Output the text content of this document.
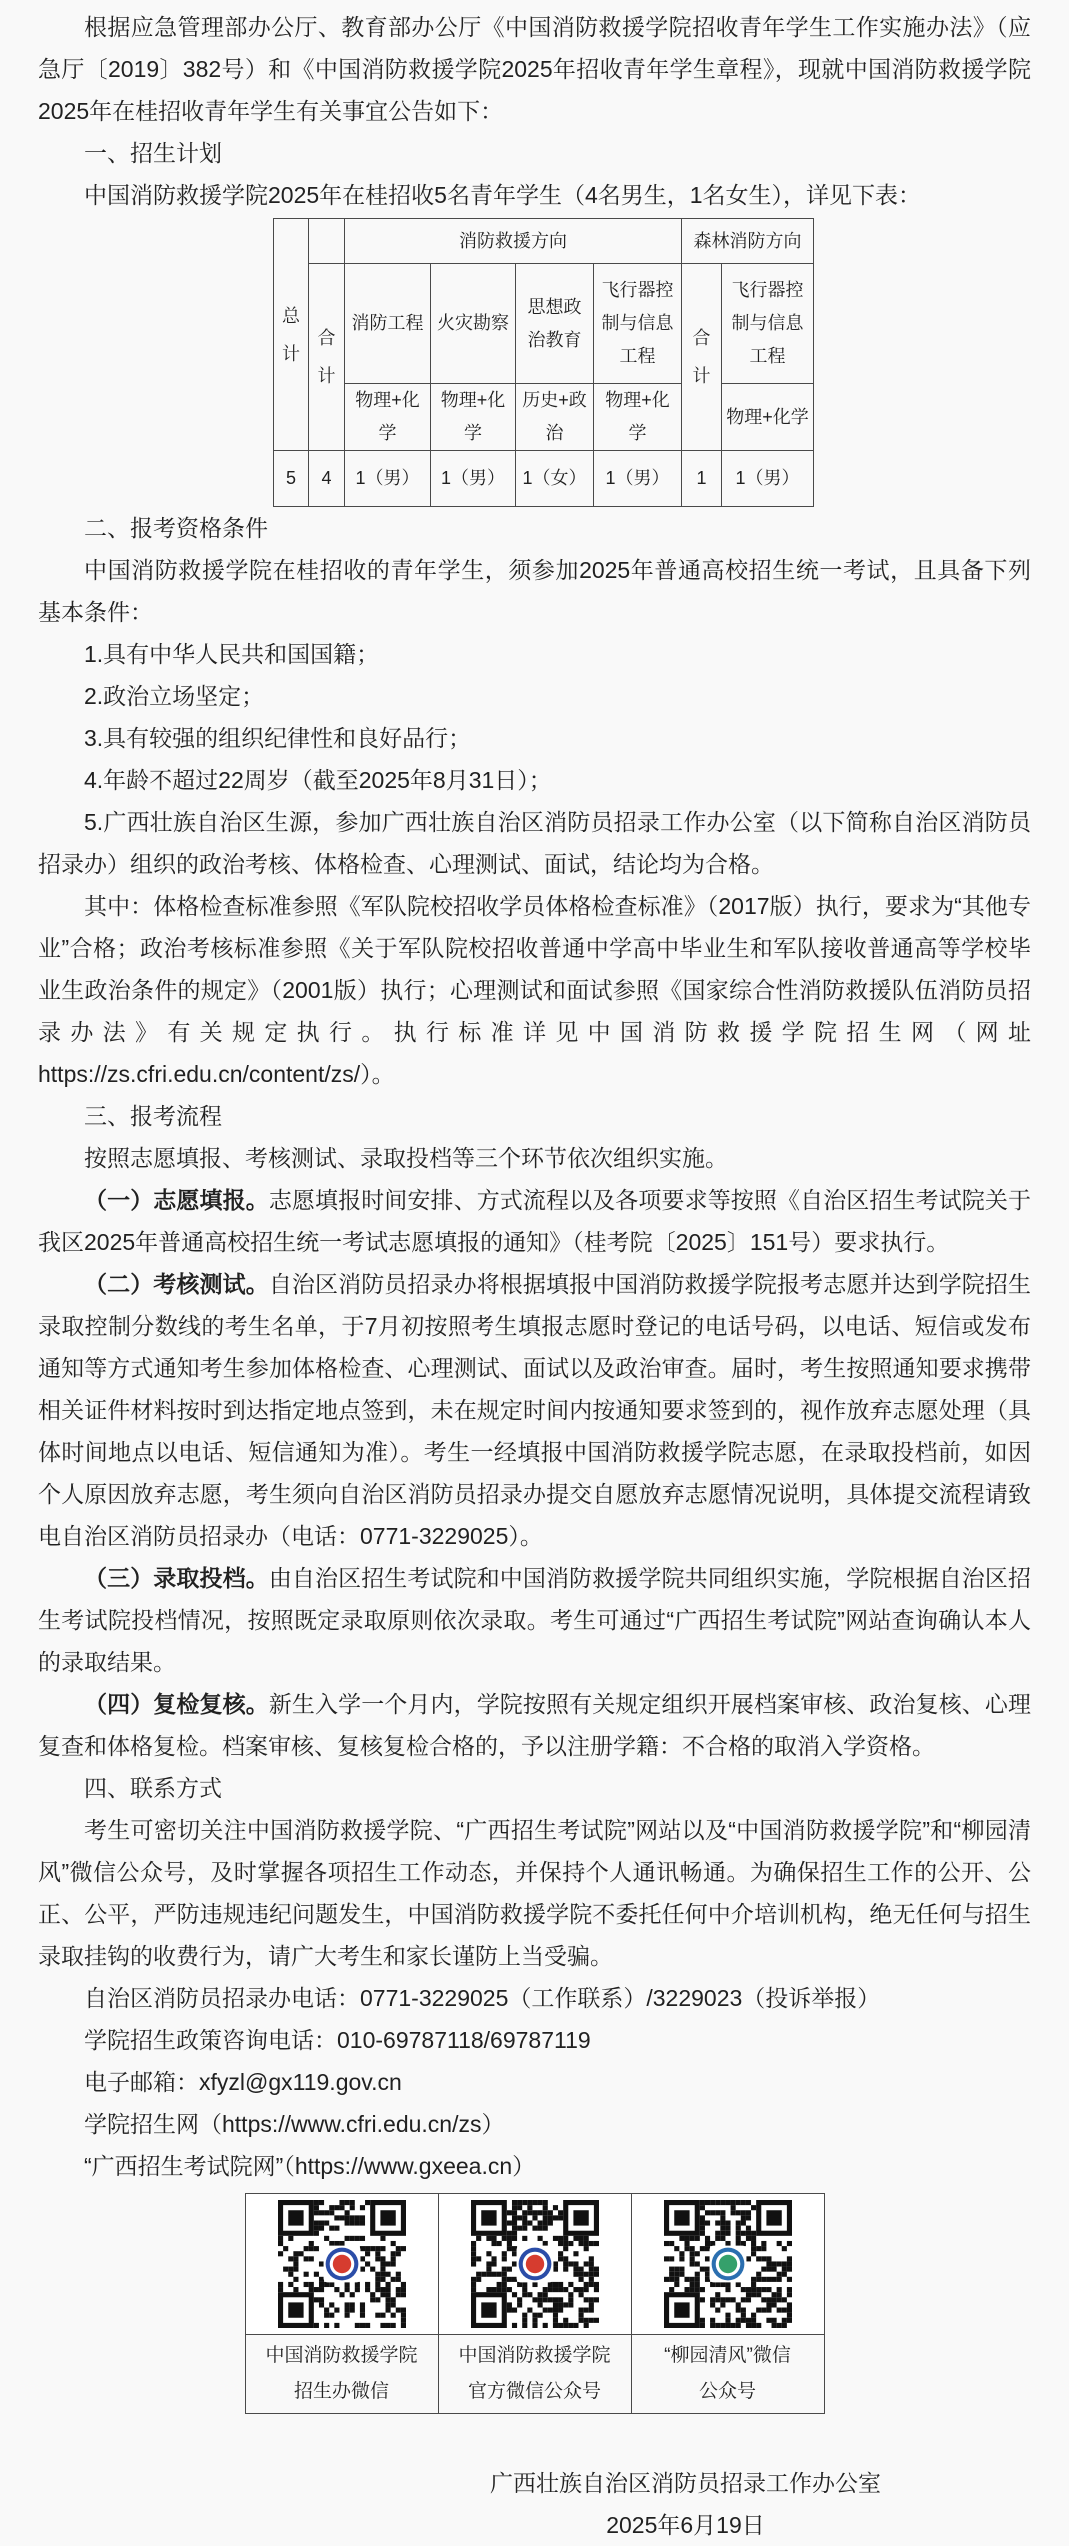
根据应急管理部办公厅、教育部办公厅《中国消防救援学院招收青年学生工作实施办法》（应急厅〔2019〕382号）和《中国消防救援学院2025年招收青年学生章程》，现就中国消防救援学院2025年在桂招收青年学生有关事宜公告如下：

一、招生计划

中国消防救援学院2025年在桂招收5名青年学生（4名男生，1名女生），详见下表：

总计		消防救援方向				森林消防方向	
	合计	消防工程	火灾勘察	思想政治教育	飞行器控制与信息工程	合计	飞行器控制与信息工程
		物理+化学	物理+化学	历史+政治	物理+化学		物理+化学
5	4	1（男）	1（男）	1（女）	1（男）	1	1（男）

二、报考资格条件

中国消防救援学院在桂招收的青年学生，须参加2025年普通高校招生统一考试，且具备下列基本条件：

1.具有中华人民共和国国籍；

2.政治立场坚定；

3.具有较强的组织纪律性和良好品行；

4.年龄不超过22周岁（截至2025年8月31日）；

5.广西壮族自治区生源，参加广西壮族自治区消防员招录工作办公室（以下简称自治区消防员招录办）组织的政治考核、体格检查、心理测试、面试，结论均为合格。

其中：体格检查标准参照《军队院校招收学员体格检查标准》（2017版）执行，要求为“其他专业”合格；政治考核标准参照《关于军队院校招收普通中学高中毕业生和军队接收普通高等学校毕业生政治条件的规定》（2001版）执行；心理测试和面试参照《国家综合性消防救援队伍消防员招录办法》有关规定执行。执行标准详见中国消防救援学院招生网（网址https://zs.cfri.edu.cn/content/zs/）。

三、报考流程

按照志愿填报、考核测试、录取投档等三个环节依次组织实施。

（一）志愿填报。志愿填报时间安排、方式流程以及各项要求等按照《自治区招生考试院关于我区2025年普通高校招生统一考试志愿填报的通知》（桂考院〔2025〕151号）要求执行。

（二）考核测试。自治区消防员招录办将根据填报中国消防救援学院报考志愿并达到学院招生录取控制分数线的考生名单，于7月初按照考生填报志愿时登记的电话号码，以电话、短信或发布通知等方式通知考生参加体格检查、心理测试、面试以及政治审查。届时，考生按照通知要求携带相关证件材料按时到达指定地点签到，未在规定时间内按通知要求签到的，视作放弃志愿处理（具体时间地点以电话、短信通知为准）。考生一经填报中国消防救援学院志愿，在录取投档前，如因个人原因放弃志愿，考生须向自治区消防员招录办提交自愿放弃志愿情况说明，具体提交流程请致电自治区消防员招录办（电话：0771-3229025）。

（三）录取投档。由自治区招生考试院和中国消防救援学院共同组织实施，学院根据自治区招生考试院投档情况，按照既定录取原则依次录取。考生可通过“广西招生考试院”网站查询确认本人的录取结果。

（四）复检复核。新生入学一个月内，学院按照有关规定组织开展档案审核、政治复核、心理复查和体格复检。档案审核、复核复检合格的，予以注册学籍：不合格的取消入学资格。

四、联系方式

考生可密切关注中国消防救援学院、“广西招生考试院”网站以及“中国消防救援学院”和“柳园清风”微信公众号，及时掌握各项招生工作动态，并保持个人通讯畅通。为确保招生工作的公开、公正、公平，严防违规违纪问题发生，中国消防救援学院不委托任何中介培训机构，绝无任何与招生录取挂钩的收费行为，请广大考生和家长谨防上当受骗。

自治区消防员招录办电话：0771-3229025（工作联系）/3229023（投诉举报）

学院招生政策咨询电话：010-69787118/69787119

电子邮箱：xfyzl@gx119.gov.cn

学院招生网（https://www.cfri.edu.cn/zs）

“广西招生考试院网”（https://www.gxeea.cn）

中国消防救援学院
招生办微信

中国消防救援学院
官方微信公众号

“柳园清风”微信
公众号
广西壮族自治区消防员招录工作办公室
2025年6月19日
